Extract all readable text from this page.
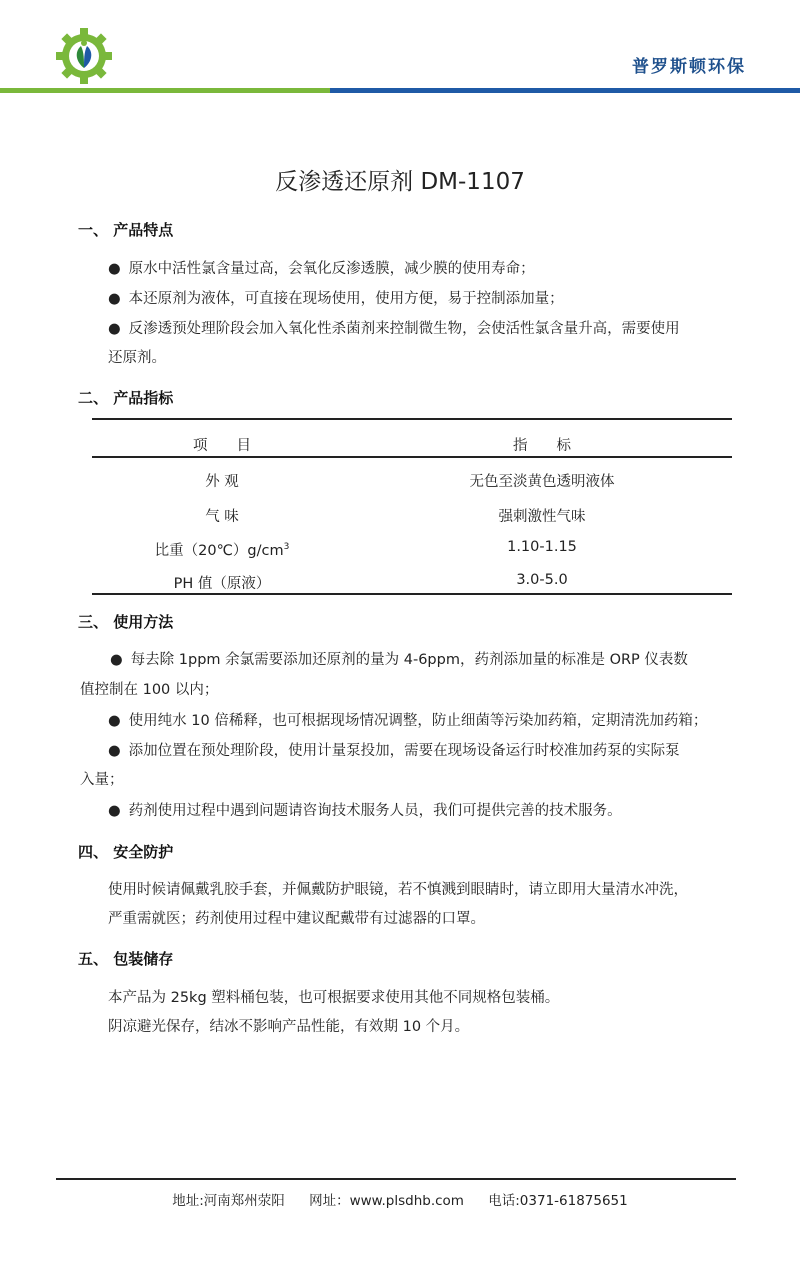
普罗斯顿环保
反渗透还原剂 DM-1107
一、 产品特点
● 原水中活性氯含量过高，会氧化反渗透膜，减少膜的使用寿命；
● 本还原剂为液体，可直接在现场使用，使用方便，易于控制添加量；
● 反渗透预处理阶段会加入氧化性杀菌剂来控制微生物，会使活性氯含量升高，需要使用
还原剂。
二、 产品指标
项　　目	指　　标
外 观	无色至淡黄色透明液体
气 味	强刺激性气味
比重$(20℃)g/cm^3$	1.10-1.15
PH 值（原液）	3.0-5.0
三、 使用方法
● 每去除 1ppm 余氯需要添加还原剂的量为 4-6ppm，药剂添加量的标准是 ORP 仪表数
值控制在 100 以内；
● 使用纯水 10 倍稀释，也可根据现场情况调整，防止细菌等污染加药箱，定期清洗加药箱；
● 添加位置在预处理阶段，使用计量泵投加，需要在现场设备运行时校准加药泵的实际泵
入量；
● 药剂使用过程中遇到问题请咨询技术服务人员，我们可提供完善的技术服务。
四、 安全防护
使用时候请佩戴乳胶手套，并佩戴防护眼镜，若不慎溅到眼睛时，请立即用大量清水冲洗，
严重需就医；药剂使用过程中建议配戴带有过滤器的口罩。
五、 包装储存
本产品为 25kg 塑料桶包装，也可根据要求使用其他不同规格包装桶。
阴凉避光保存，结冰不影响产品性能，有效期 10 个月。
地址:河南郑州荥阳 网址：www.plsdhb.com 电话:0371-61875651
